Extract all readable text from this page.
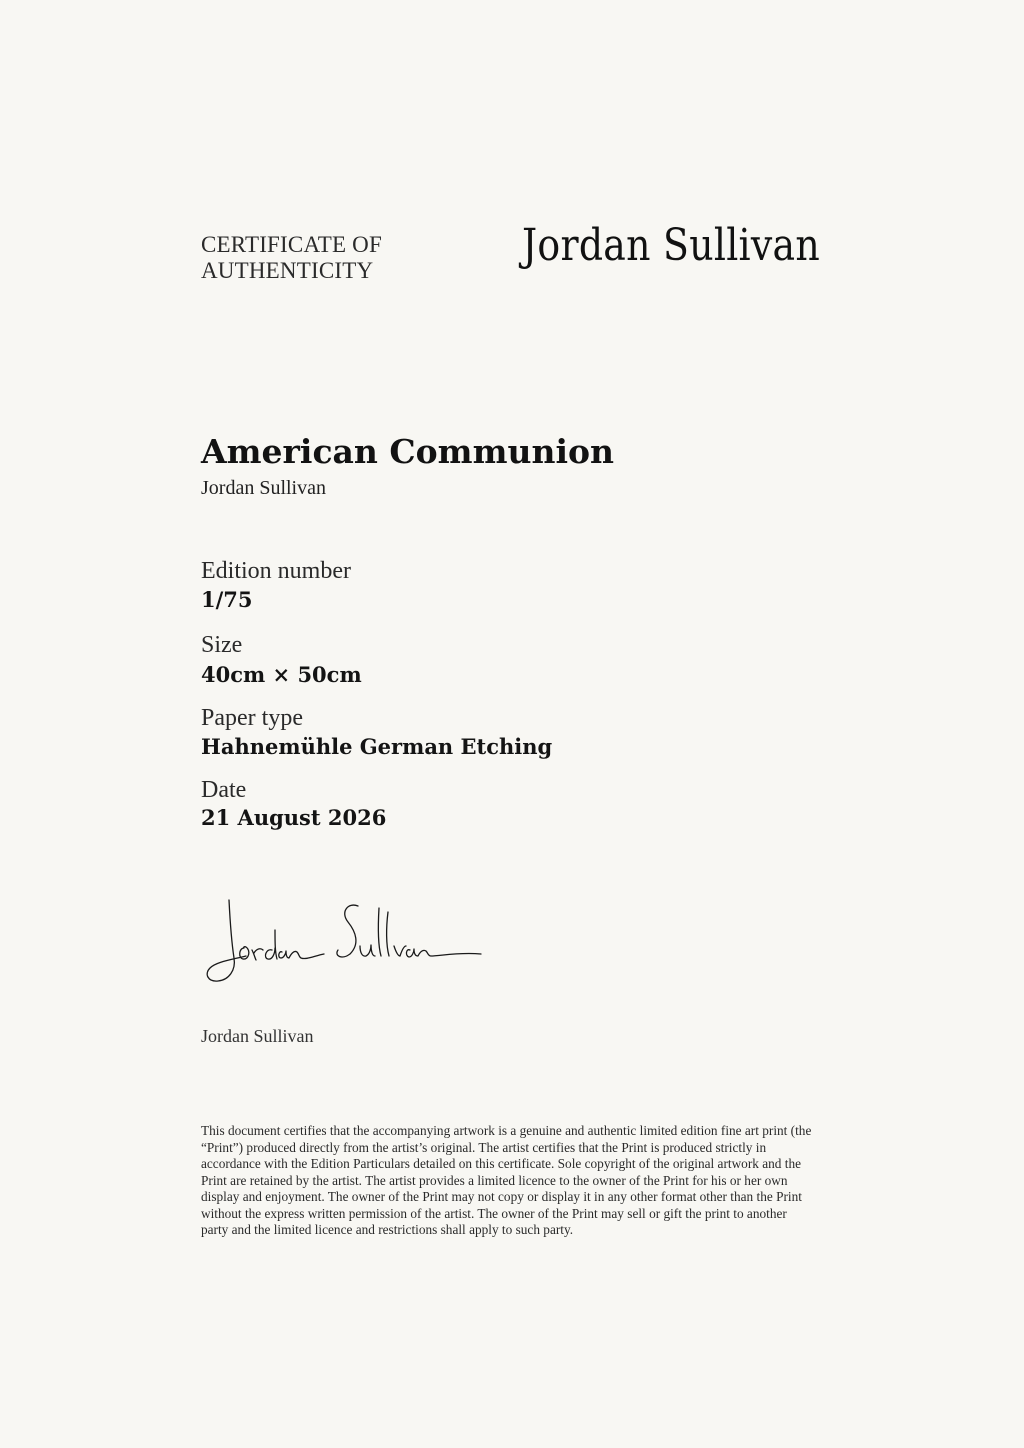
CERTIFICATE OF AUTHENTICITY	Jordan Sullivan
American Communion
Jordan Sullivan
Edition number
1/75
Size
40cm × 50cm
Paper type
Hahnemühle German Etching
Date
21 August 2026
Jordan Sullivan

This document certifies that the accompanying artwork is a genuine and authentic limited edition fine art print (the “Print”) produced directly from the artist’s original. The artist certifies that the Print is produced strictly in accordance with the Edition Particulars detailed on this certificate. Sole copyright of the original artwork and the Print are retained by the artist. The artist provides a limited licence to the owner of the Print for his or her own display and enjoyment. The owner of the Print may not copy or display it in any other format other than the Print without the express written permission of the artist. The owner of the Print may sell or gift the print to another party and the limited licence and restrictions shall apply to such party.
